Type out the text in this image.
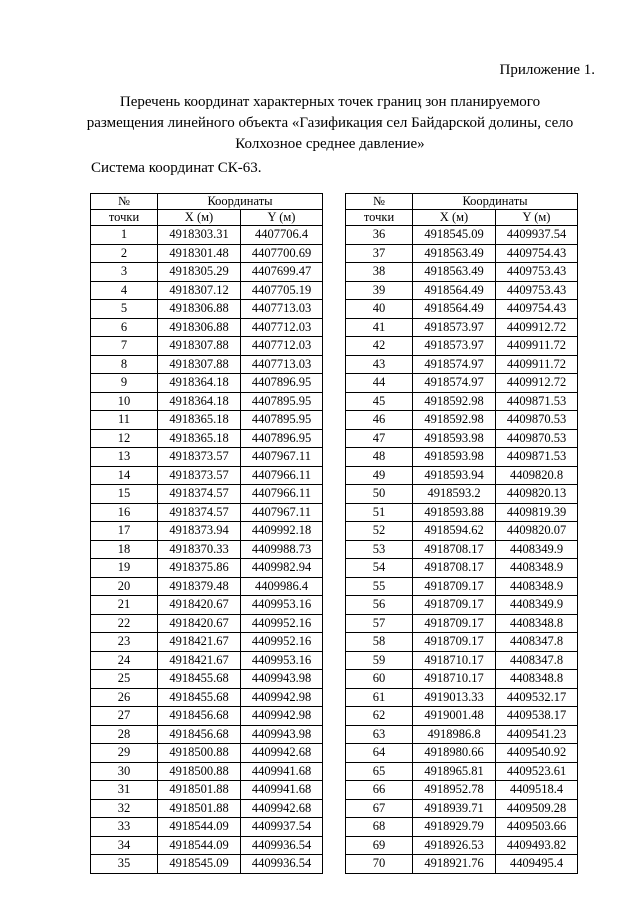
Приложение 1.
Перечень координат характерных точек границ зон планируемого
размещения линейного объекта «Газификация сел Байдарской долины, село
Колхозное среднее давление»
Система координат СК-63.
№	Координаты	
точки	X (м)	Y (м)
1	4918303.31	4407706.4
2	4918301.48	4407700.69
3	4918305.29	4407699.47
4	4918307.12	4407705.19
5	4918306.88	4407713.03
6	4918306.88	4407712.03
7	4918307.88	4407712.03
8	4918307.88	4407713.03
9	4918364.18	4407896.95
10	4918364.18	4407895.95
11	4918365.18	4407895.95
12	4918365.18	4407896.95
13	4918373.57	4407967.11
14	4918373.57	4407966.11
15	4918374.57	4407966.11
16	4918374.57	4407967.11
17	4918373.94	4409992.18
18	4918370.33	4409988.73
19	4918375.86	4409982.94
20	4918379.48	4409986.4
21	4918420.67	4409953.16
22	4918420.67	4409952.16
23	4918421.67	4409952.16
24	4918421.67	4409953.16
25	4918455.68	4409943.98
26	4918455.68	4409942.98
27	4918456.68	4409942.98
28	4918456.68	4409943.98
29	4918500.88	4409942.68
30	4918500.88	4409941.68
31	4918501.88	4409941.68
32	4918501.88	4409942.68
33	4918544.09	4409937.54
34	4918544.09	4409936.54
35	4918545.09	4409936.54
№	Координаты	
точки	X (м)	Y (м)
36	4918545.09	4409937.54
37	4918563.49	4409754.43
38	4918563.49	4409753.43
39	4918564.49	4409753.43
40	4918564.49	4409754.43
41	4918573.97	4409912.72
42	4918573.97	4409911.72
43	4918574.97	4409911.72
44	4918574.97	4409912.72
45	4918592.98	4409871.53
46	4918592.98	4409870.53
47	4918593.98	4409870.53
48	4918593.98	4409871.53
49	4918593.94	4409820.8
50	4918593.2	4409820.13
51	4918593.88	4409819.39
52	4918594.62	4409820.07
53	4918708.17	4408349.9
54	4918708.17	4408348.9
55	4918709.17	4408348.9
56	4918709.17	4408349.9
57	4918709.17	4408348.8
58	4918709.17	4408347.8
59	4918710.17	4408347.8
60	4918710.17	4408348.8
61	4919013.33	4409532.17
62	4919001.48	4409538.17
63	4918986.8	4409541.23
64	4918980.66	4409540.92
65	4918965.81	4409523.61
66	4918952.78	4409518.4
67	4918939.71	4409509.28
68	4918929.79	4409503.66
69	4918926.53	4409493.82
70	4918921.76	4409495.4
